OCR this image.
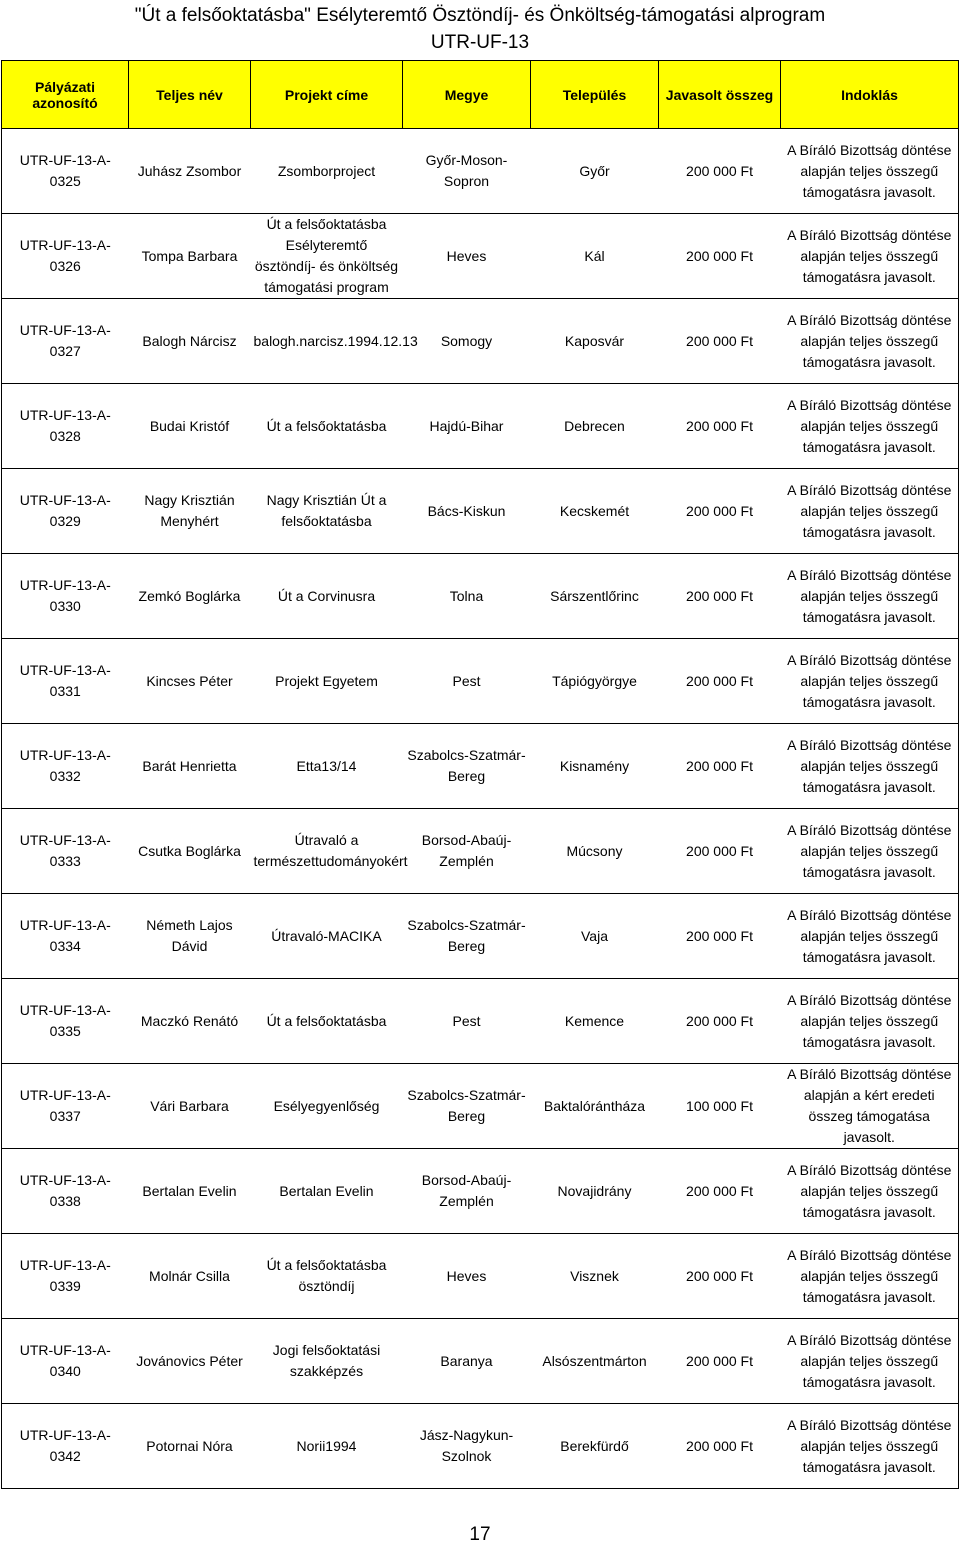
"Út a felsőoktatásba" Esélyteremtő Ösztöndíj- és Önköltség-támogatási alprogram
UTR-UF-13
Pályázati azonosító	Teljes név	Projekt címe	Megye	Település	Javasolt összeg	Indoklás

UTR-UF-13-A-0325	Juhász Zsombor	Zsomborproject	Győr-Moson-Sopron	Győr	200 000 Ft	A Bíráló Bizottság döntése alapján teljes összegű támogatásra javasolt.

UTR-UF-13-A-0326	Tompa Barbara	Út a felsőoktatásba Esélyteremtő ösztöndíj- és önköltség támogatási program	Heves	Kál	200 000 Ft	A Bíráló Bizottság döntése alapján teljes összegű támogatásra javasolt.

UTR-UF-13-A-0327	Balogh Nárcisz	balogh.narcisz.1994.12.13	Somogy	Kaposvár	200 000 Ft	A Bíráló Bizottság döntése alapján teljes összegű támogatásra javasolt.

UTR-UF-13-A-0328	Budai Kristóf	Út a felsőoktatásba	Hajdú-Bihar	Debrecen	200 000 Ft	A Bíráló Bizottság döntése alapján teljes összegű támogatásra javasolt.

UTR-UF-13-A-0329	Nagy Krisztián Menyhért	Nagy Krisztián Út a felsőoktatásba	Bács-Kiskun	Kecskemét	200 000 Ft	A Bíráló Bizottság döntése alapján teljes összegű támogatásra javasolt.

UTR-UF-13-A-0330	Zemkó Boglárka	Út a Corvinusra	Tolna	Sárszentlőrinc	200 000 Ft	A Bíráló Bizottság döntése alapján teljes összegű támogatásra javasolt.

UTR-UF-13-A-0331	Kincses Péter	Projekt Egyetem	Pest	Tápiógyörgye	200 000 Ft	A Bíráló Bizottság döntése alapján teljes összegű támogatásra javasolt.

UTR-UF-13-A-0332	Barát Henrietta	Etta13/14	Szabolcs-Szatmár-Bereg	Kisnamény	200 000 Ft	A Bíráló Bizottság döntése alapján teljes összegű támogatásra javasolt.

UTR-UF-13-A-0333	Csutka Boglárka	Útravaló a természettudományokért	Borsod-Abaúj-Zemplén	Múcsony	200 000 Ft	A Bíráló Bizottság döntése alapján teljes összegű támogatásra javasolt.

UTR-UF-13-A-0334	Németh Lajos Dávid	Útravaló-MACIKA	Szabolcs-Szatmár-Bereg	Vaja	200 000 Ft	A Bíráló Bizottság döntése alapján teljes összegű támogatásra javasolt.

UTR-UF-13-A-0335	Maczkó Renátó	Út a felsőoktatásba	Pest	Kemence	200 000 Ft	A Bíráló Bizottság döntése alapján teljes összegű támogatásra javasolt.

UTR-UF-13-A-0337	Vári Barbara	Esélyegyenlőség	Szabolcs-Szatmár-Bereg	Baktalórántháza	100 000 Ft	A Bíráló Bizottság döntése alapján a kért eredeti összeg támogatása javasolt.

UTR-UF-13-A-0338	Bertalan Evelin	Bertalan Evelin	Borsod-Abaúj-Zemplén	Novajidrány	200 000 Ft	A Bíráló Bizottság döntése alapján teljes összegű támogatásra javasolt.

UTR-UF-13-A-0339	Molnár Csilla	Út a felsőoktatásba ösztöndíj	Heves	Visznek	200 000 Ft	A Bíráló Bizottság döntése alapján teljes összegű támogatásra javasolt.

UTR-UF-13-A-0340	Jovánovics Péter	Jogi felsőoktatási szakképzés	Baranya	Alsószentmárton	200 000 Ft	A Bíráló Bizottság döntése alapján teljes összegű támogatásra javasolt.

UTR-UF-13-A-0342	Potornai Nóra	Norii1994	Jász-Nagykun-Szolnok	Berekfürdő	200 000 Ft	A Bíráló Bizottság döntése alapján teljes összegű támogatásra javasolt.
17
